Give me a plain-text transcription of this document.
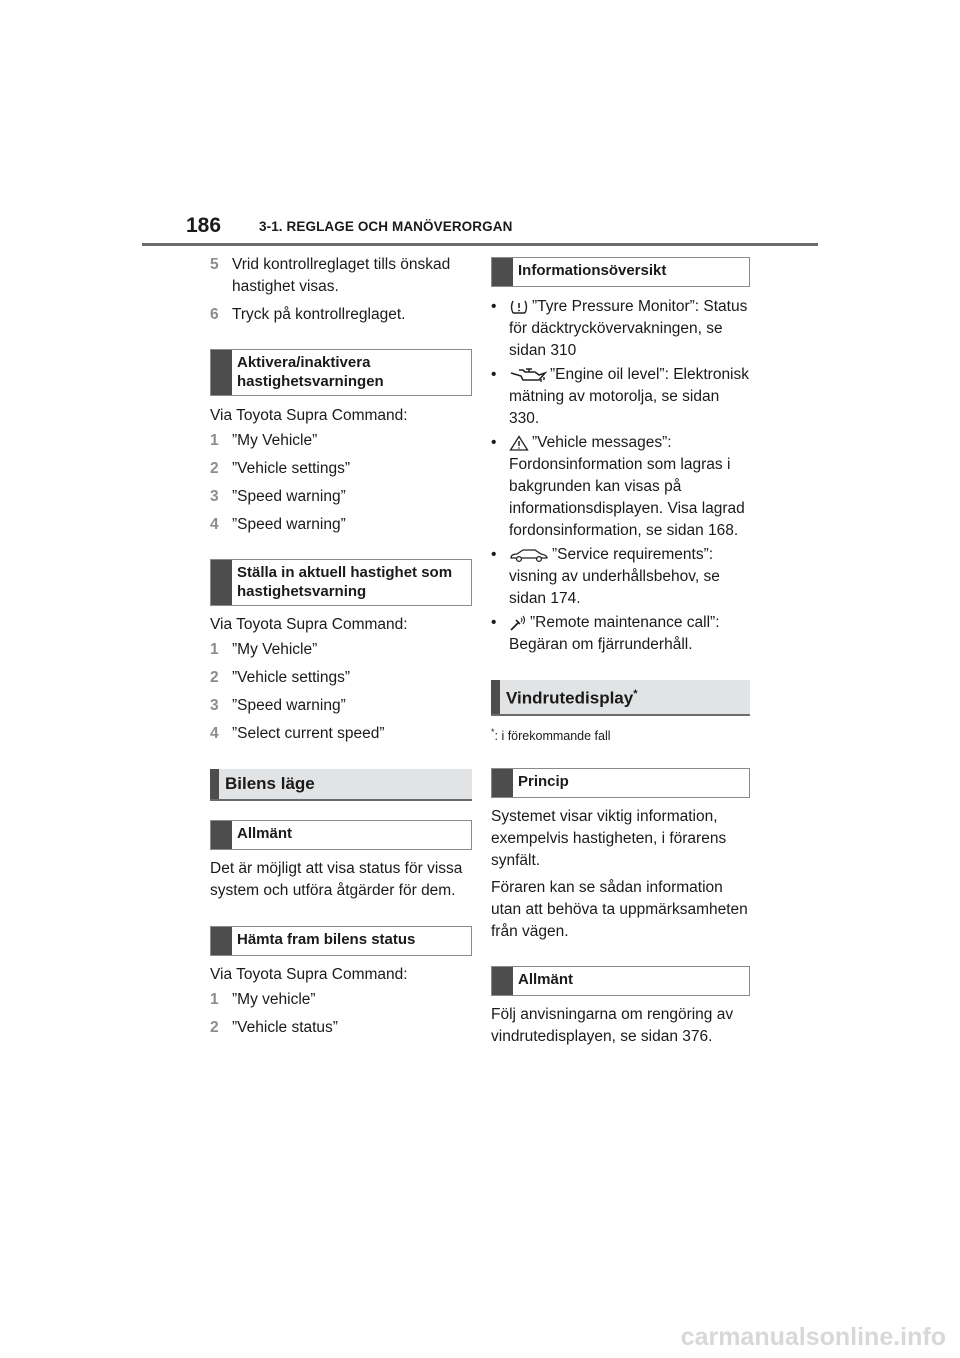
186	3-1. REGLAGE OCH MANÖVERORGAN
5 Vrid kontrollreglaget tills önskad hastighet visas.
6 Tryck på kontrollreglaget.
Aktivera/inaktivera hastighetsvarningen

Via Toyota Supra Command:

1 ”My Vehicle”
2 ”Vehicle settings”
3 ”Speed warning”
4 ”Speed warning”
Ställa in aktuell hastighet som hastighetsvarning

Via Toyota Supra Command:

1 ”My Vehicle”
2 ”Vehicle settings”
3 ”Speed warning”
4 ”Select current speed”
Bilens läge
Allmänt

Det är möjligt att visa status för vissa system och utföra åtgärder för dem.

Hämta fram bilens status

Via Toyota Supra Command:

1 ”My vehicle”
2 ”Vehicle status”
Informationsöversikt
•	”Tyre Pressure Monitor”: Status för däcktryckövervakningen, se sidan 310
•	”Engine oil level”: Elektronisk mätning av motorolja, se sidan 330.
•	”Vehicle messages”: Fordonsinformation som lagras i bakgrunden kan visas på informationsdisplayen. Visa lagrad fordonsinformation, se sidan 168.
•	”Service requirements”: visning av underhållsbehov, se sidan 174.
•	”Remote maintenance call”: Begäran om fjärrunderhåll.
Vindrutedisplay*
*: i förekommande fall
Princip

Systemet visar viktig information, exempelvis hastigheten, i förarens synfält.

Föraren kan se sådan information utan att behöva ta uppmärksamheten från vägen.

Allmänt

Följ anvisningarna om rengöring av vindrutedisplayen, se sidan 376.

carmanualsonline.info
